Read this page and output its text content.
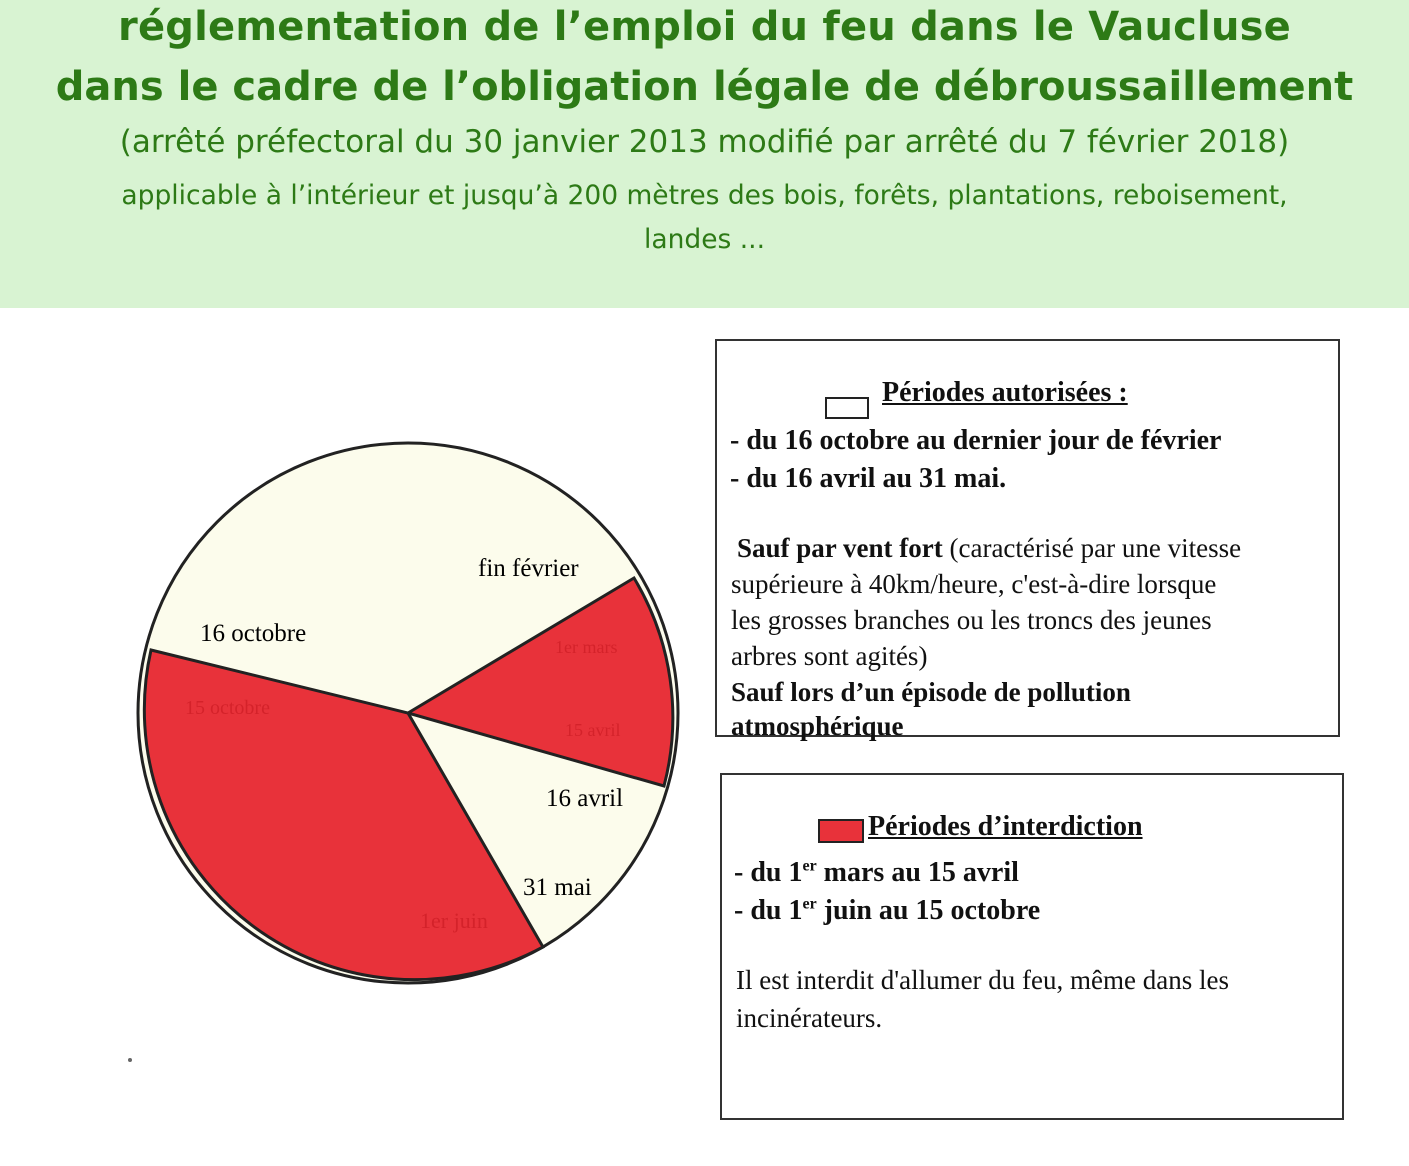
réglementation de l’emploi du feu dans le Vaucluse
dans le cadre de l’obligation légale de débroussaillement
(arrêté préfectoral du 30 janvier 2013 modifié par arrêté du 7 février 2018)
applicable à l’intérieur et jusqu’à 200 mètres des bois, forêts, plantations, reboisement,
landes ...
15 octobre
1er mars
15 avril
1er juin
fin février
16 octobre
16 avril
31 mai
Périodes autorisées :
- du 16 octobre au dernier jour de février
- du 16 avril au 31 mai.
Sauf par vent fort (caractérisé par une vitesse
supérieure à 40km/heure, c'est-à-dire lorsque
les grosses branches ou les troncs des jeunes
arbres sont agités)
Sauf lors d’un épisode de pollution
atmosphérique
Périodes d’interdiction
- du 1er mars au 15 avril
- du 1er juin au 15 octobre
Il est interdit d'allumer du feu, même dans les
incinérateurs.
